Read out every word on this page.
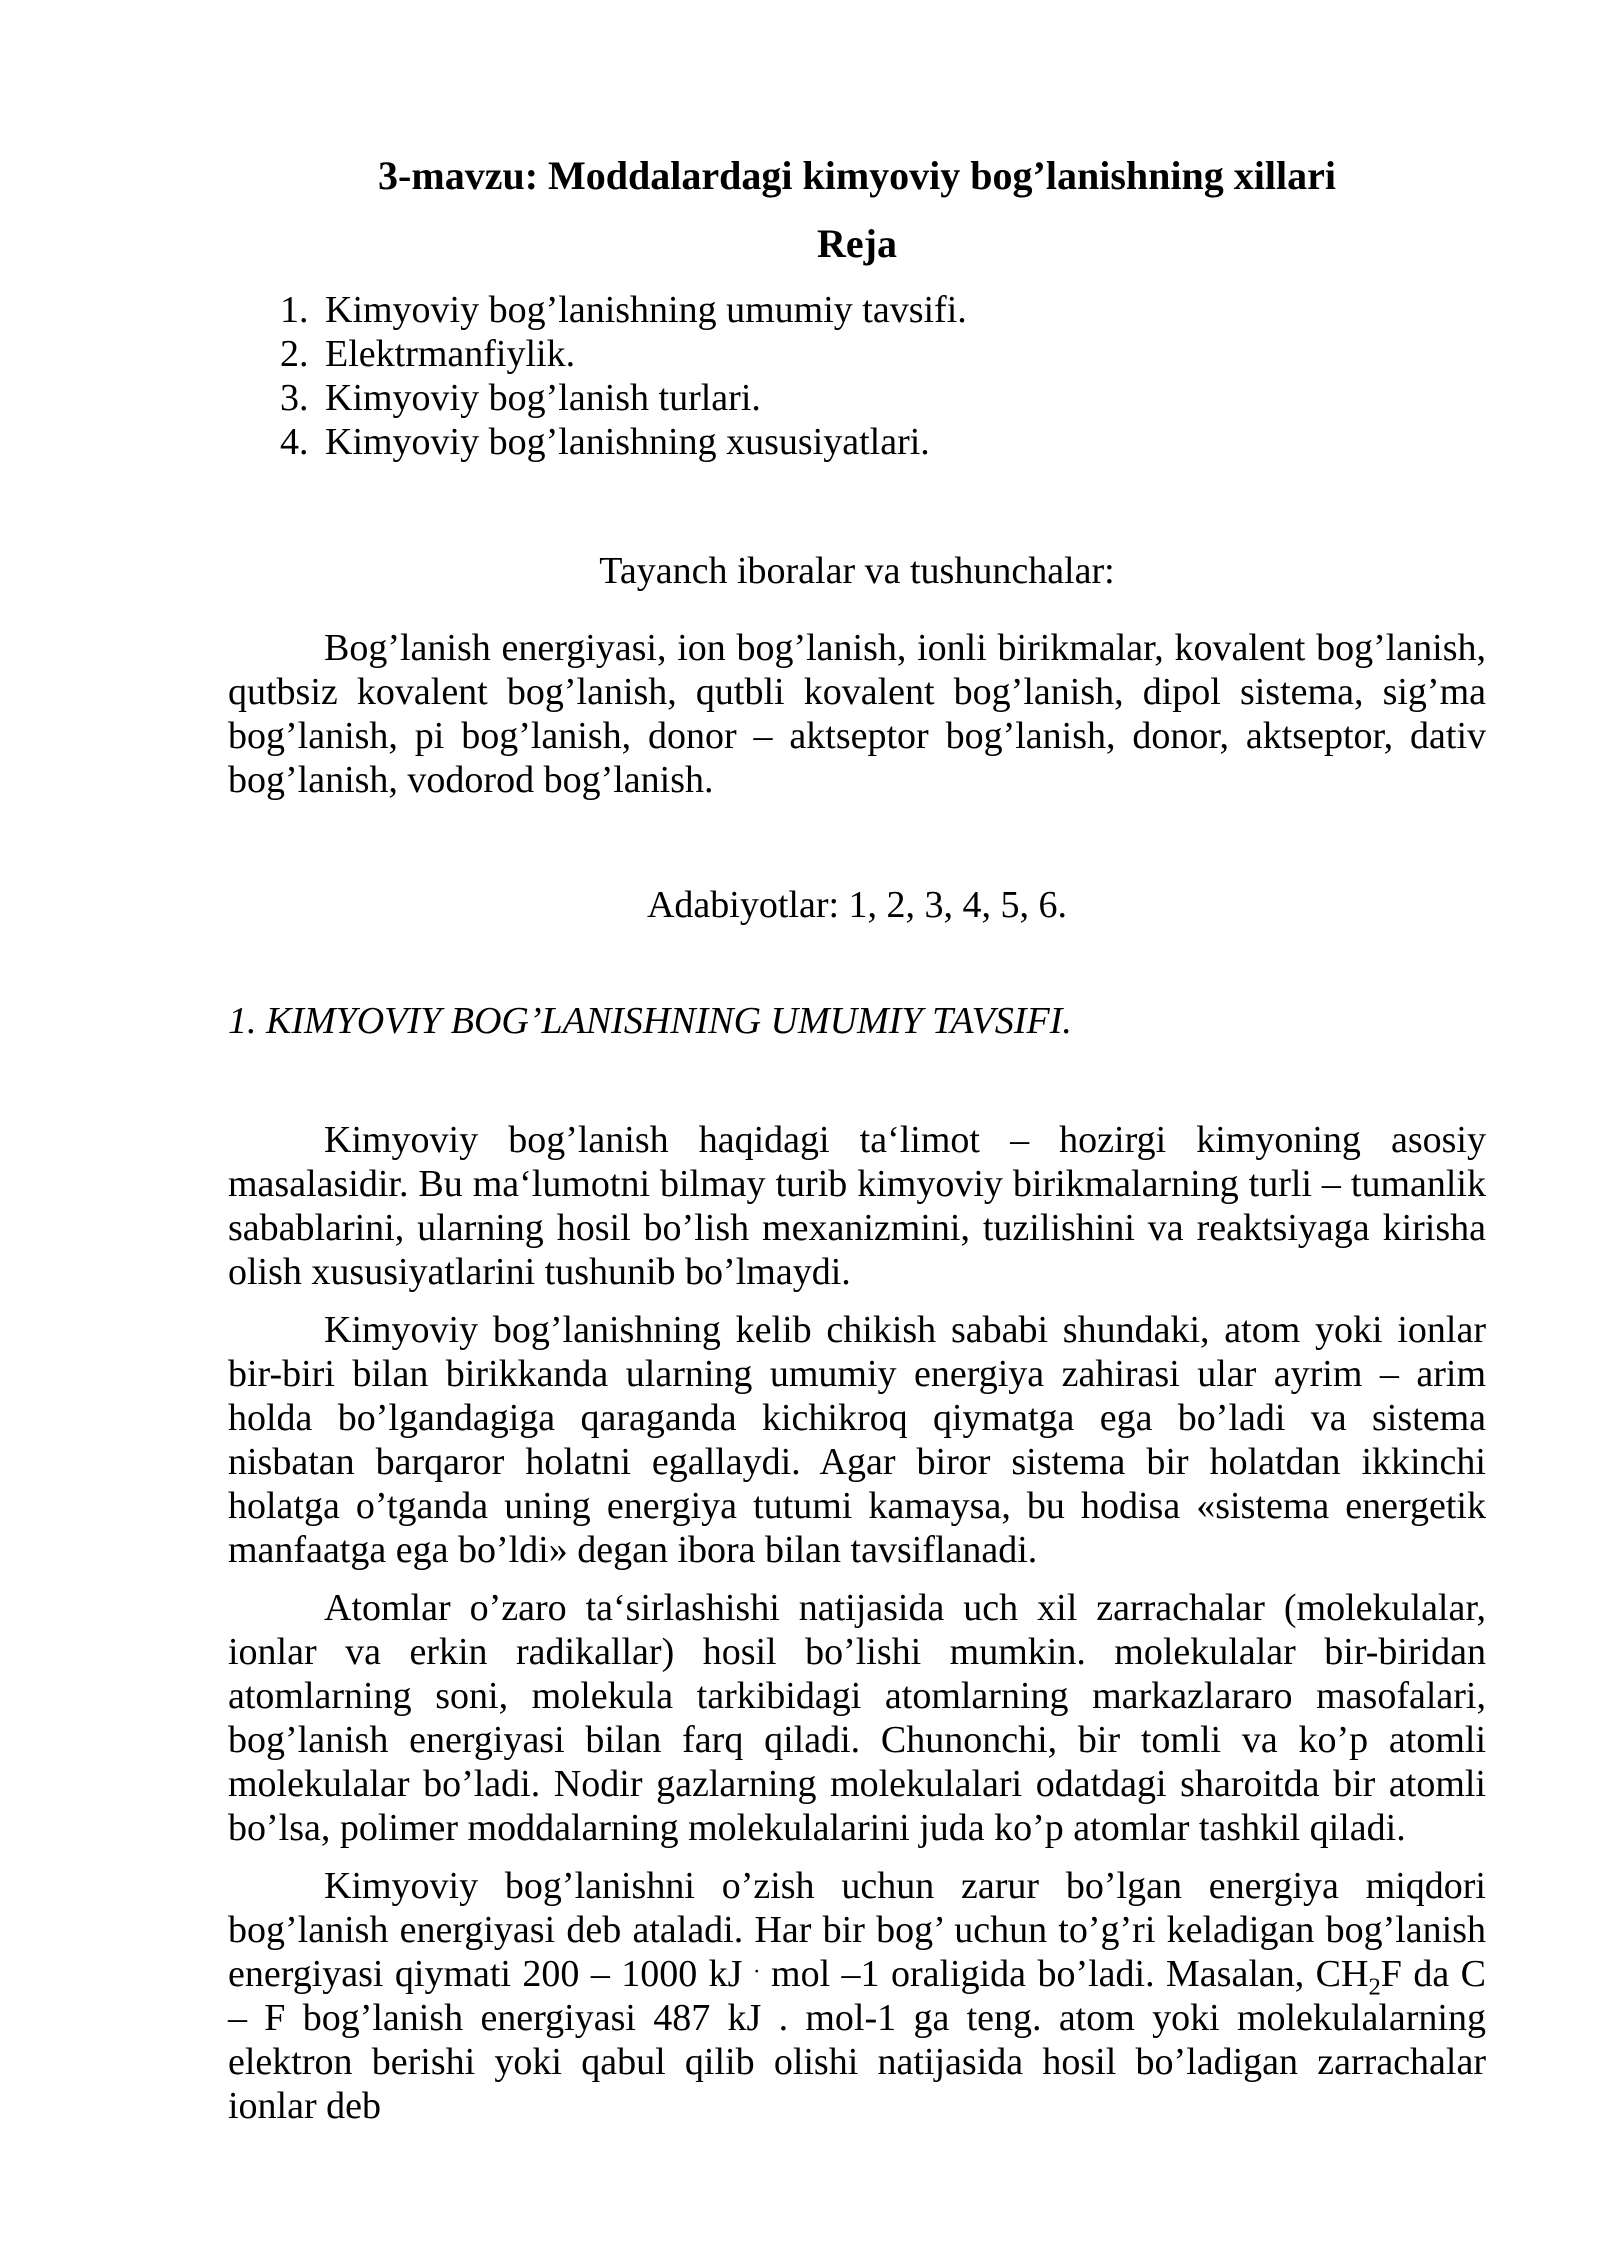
3-mavzu: Moddalardagi kimyoviy bog’lanishning xillari
Reja
1. Kimyoviy bog’lanishning umumiy tavsifi.
2. Elektrmanfiylik.
3. Kimyoviy bog’lanish turlari.
4. Kimyoviy bog’lanishning xususiyatlari.
Tayanch iboralar va tushunchalar:

Bog’lanish energiyasi, ion bog’lanish, ionli birikmalar, kovalent bog’lanish, qutbsiz kovalent bog’lanish, qutbli kovalent bog’lanish, dipol sistema, sig’ma bog’lanish, pi bog’lanish, donor – aktseptor bog’lanish, donor, aktseptor, dativ bog’lanish, vodorod bog’lanish.

Adabiyotlar: 1, 2, 3, 4, 5, 6.
1. KIMYOVIY BOG’LANISHNING UMUMIY TAVSIFI.

Kimyoviy bog’lanish haqidagi ta‘limot – hozirgi kimyoning asosiy masalasidir. Bu ma‘lumotni bilmay turib kimyoviy birikmalarning turli – tumanlik sabablarini, ularning hosil bo’lish mexanizmini, tuzilishini va reaktsiyaga kirisha olish xususiyatlarini tushunib bo’lmaydi.

Kimyoviy bog’lanishning kelib chikish sababi shundaki, atom yoki ionlar bir-biri bilan birikkanda ularning umumiy energiya zahirasi ular ayrim – arim holda bo’lgandagiga qaraganda kichikroq qiymatga ega bo’ladi va sistema nisbatan barqaror holatni egallaydi. Agar biror sistema bir holatdan ikkinchi holatga o’tganda uning energiya tutumi kamaysa, bu hodisa «sistema energetik manfaatga ega bo’ldi» degan ibora bilan tavsiflanadi.

Atomlar o’zaro ta‘sirlashishi natijasida uch xil zarrachalar (molekulalar, ionlar va erkin radikallar) hosil bo’lishi mumkin. molekulalar bir-biridan atomlarning soni, molekula tarkibidagi atomlarning markazlararo masofalari, bog’lanish energiyasi bilan farq qiladi. Chunonchi, bir tomli va ko’p atomli molekulalar bo’ladi. Nodir gazlarning molekulalari odatdagi sharoitda bir atomli bo’lsa, polimer moddalarning molekulalarini juda ko’p atomlar tashkil qiladi.

Kimyoviy bog’lanishni o’zish uchun zarur bo’lgan energiya miqdori bog’lanish energiyasi deb ataladi. Har bir bog’ uchun to’g’ri keladigan bog’lanish energiyasi qiymati 200 – 1000 kJ . mol –1 oraligida bo’ladi. Masalan, $CH_2F$ da C – F bog’lanish energiyasi 487 kJ . mol-1 ga teng. atom yoki molekulalarning elektron berishi yoki qabul qilib olishi natijasida hosil bo’ladigan zarrachalar ionlar deb
